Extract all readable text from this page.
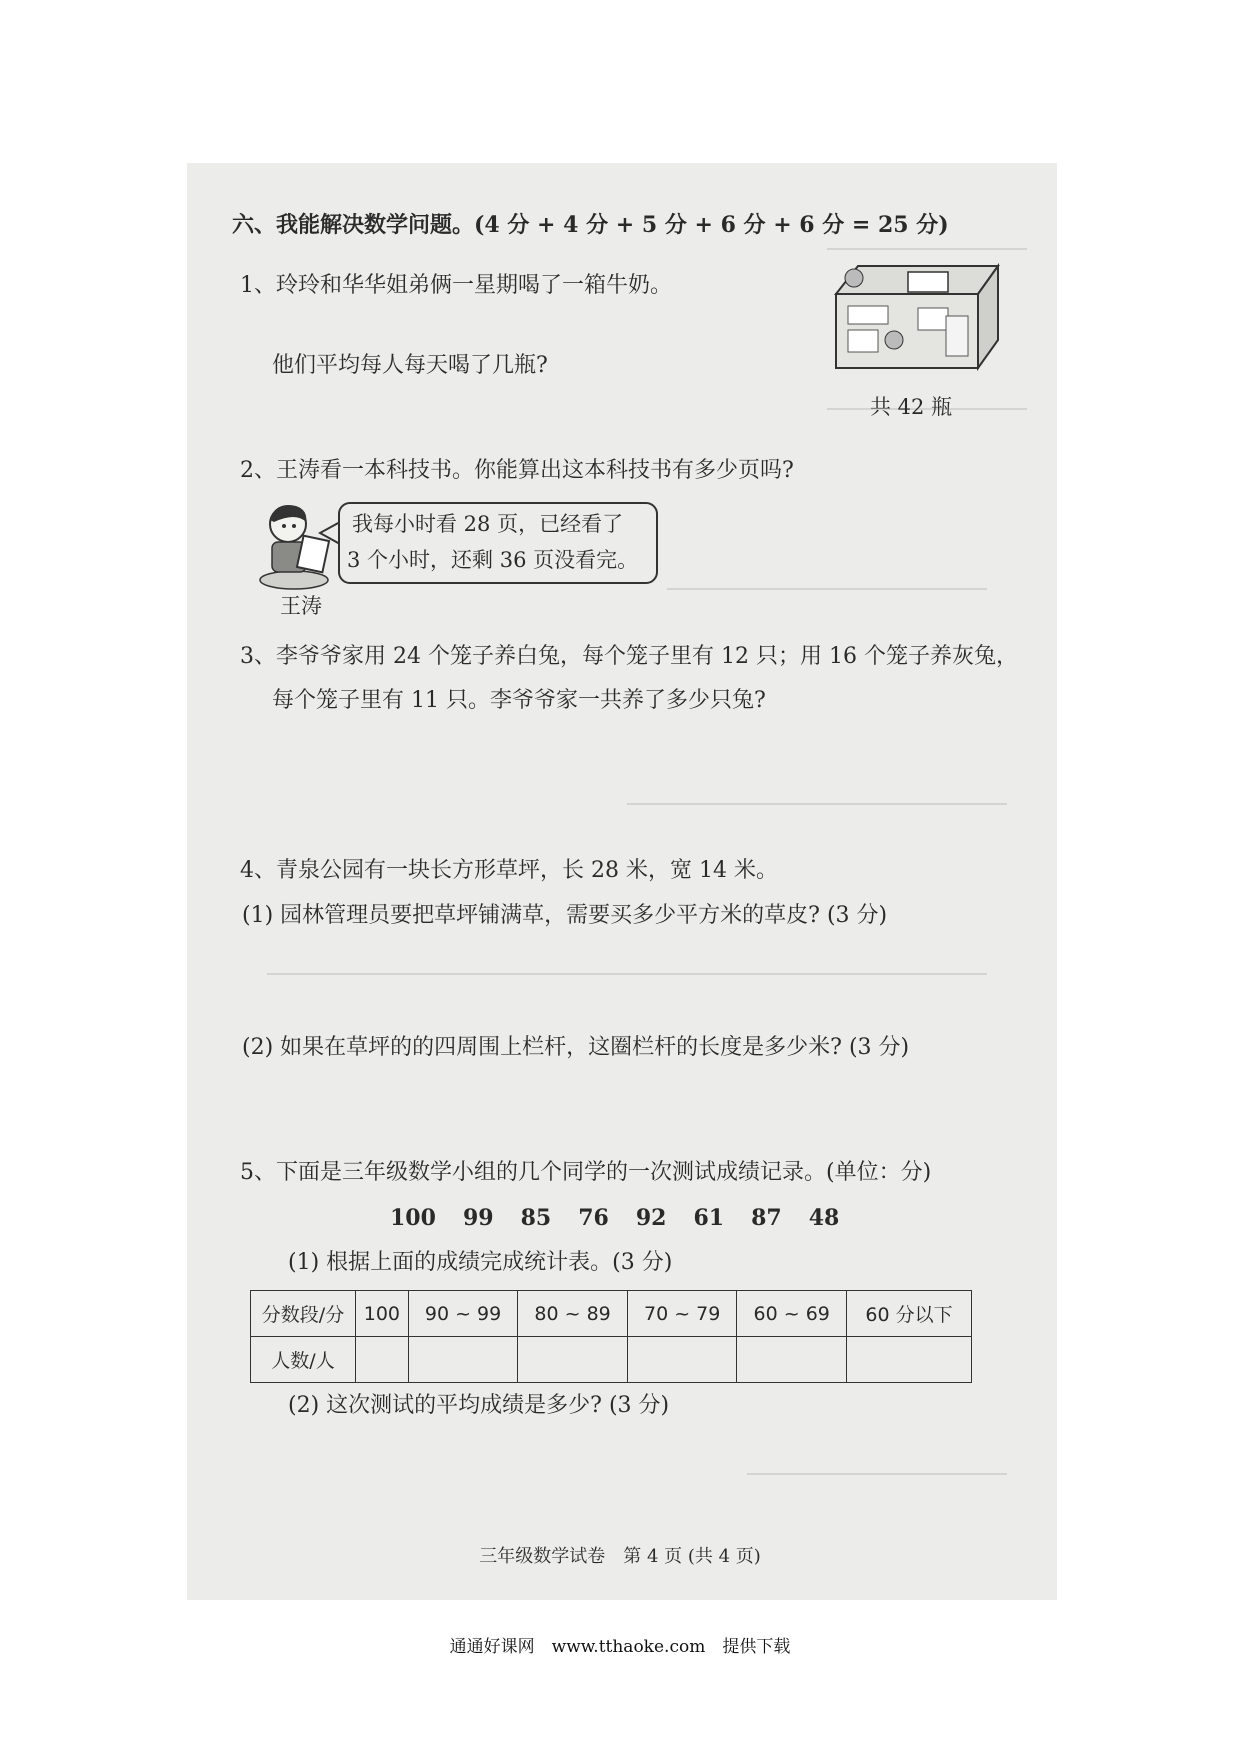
六、我能解决数学问题。(4 分 + 4 分 + 5 分 + 6 分 + 6 分 = 25 分)
1、玲玲和华华姐弟俩一星期喝了一箱牛奶。
他们平均每人每天喝了几瓶?
共 42 瓶
2、王涛看一本科技书。你能算出这本科技书有多少页吗?
我每小时看 28 页，已经看了
3 个小时，还剩 36 页没看完。
王涛
3、李爷爷家用 24 个笼子养白兔，每个笼子里有 12 只；用 16 个笼子养灰兔，
每个笼子里有 11 只。李爷爷家一共养了多少只兔?
4、青泉公园有一块长方形草坪，长 28 米，宽 14 米。
(1) 园林管理员要把草坪铺满草，需要买多少平方米的草皮? (3 分)
(2) 如果在草坪的的四周围上栏杆，这圈栏杆的长度是多少米? (3 分)
5、下面是三年级数学小组的几个同学的一次测试成绩记录。(单位：分)
100 99 85 76 92 61 87 48
(1) 根据上面的成绩完成统计表。(3 分)
分数段/分	100	90 ~ 99	80 ~ 89	70 ~ 79	60 ~ 69	60 分以下
人数/人						
(2) 这次测试的平均成绩是多少? (3 分)
三年级数学试卷　第 4 页 (共 4 页)
通通好课网　www.tthaoke.com　提供下载
